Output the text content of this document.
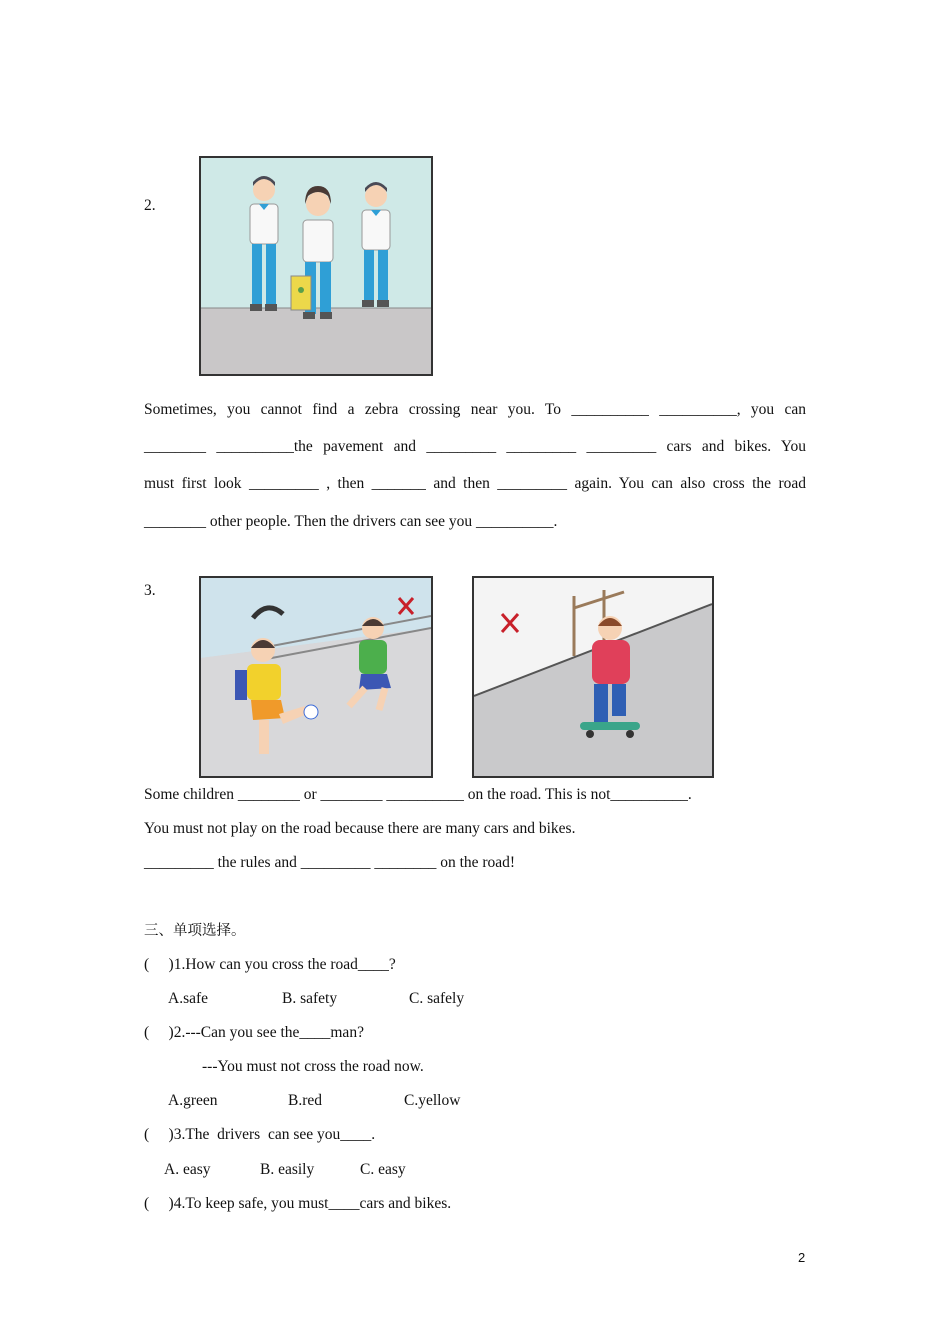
2.
Sometimes, you cannot find a zebra crossing near you. To __________ __________, you can
________ __________the pavement and _________ _________ _________ cars and bikes. You
must first look _________ , then _______ and then _________ again. You can also cross the road
________ other people. Then the drivers can see you __________.
3.
Some children ________ or ________ __________ on the road. This is not__________.
You must not play on the road because there are many cars and bikes.
_________ the rules and _________ ________ on the road!
三、单项选择。
(     )1.How can you cross the road____?
A.safe	B. safety	C. safely
(     )2.---Can you see the____man?
---You must not cross the road now.
A.green	B.red	C.yellow
(     )3.The  drivers  can see you____.
A. easy	B. easily	C. easy
(     )4.To keep safe, you must____cars and bikes.
2
